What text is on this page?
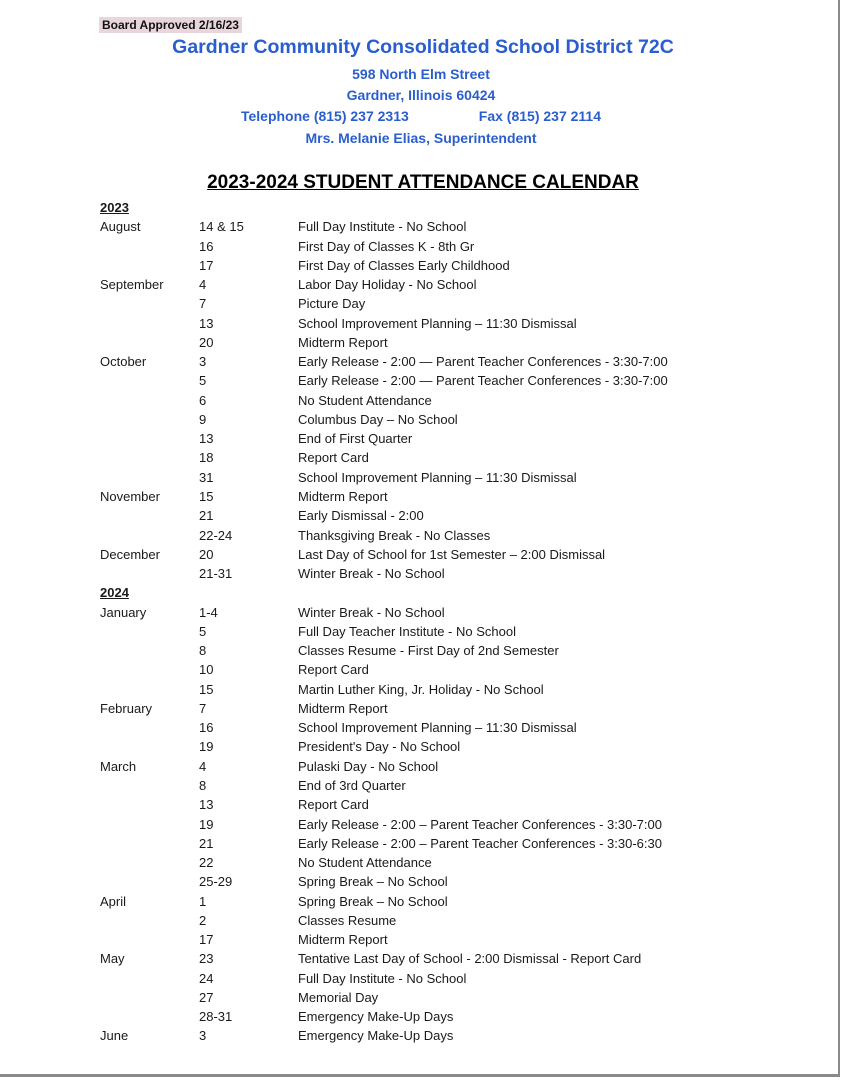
Board Approved 2/16/23
Gardner Community Consolidated School District 72C
598 North Elm Street
Gardner, Illinois 60424
Telephone (815) 237 2313	Fax (815) 237 2114
Mrs. Melanie Elias, Superintendent
2023-2024 STUDENT ATTENDANCE CALENDAR
2023
August	14 & 15	Full Day Institute - No School
16	First Day of Classes K - 8th Gr
17	First Day of Classes Early Childhood
September	4	Labor Day Holiday - No School
7	Picture Day
13	School Improvement Planning – 11:30 Dismissal
20	Midterm Report
October	3	Early Release - 2:00 — Parent Teacher Conferences - 3:30-7:00
5	Early Release - 2:00 — Parent Teacher Conferences - 3:30-7:00
6	No Student Attendance
9	Columbus Day – No School
13	End of First Quarter
18	Report Card
31	School Improvement Planning – 11:30 Dismissal
November	15	Midterm Report
21	Early Dismissal - 2:00
22-24	Thanksgiving Break - No Classes
December	20	Last Day of School for 1st Semester – 2:00 Dismissal
21-31	Winter Break - No School
2024
January	1-4	Winter Break - No School
5	Full Day Teacher Institute - No School
8	Classes Resume - First Day of 2nd Semester
10	Report Card
15	Martin Luther King, Jr. Holiday - No School
February	7	Midterm Report
16	School Improvement Planning – 11:30 Dismissal
19	President's Day - No School
March	4	Pulaski Day - No School
8	End of 3rd Quarter
13	Report Card
19	Early Release - 2:00 – Parent Teacher Conferences - 3:30-7:00
21	Early Release - 2:00 – Parent Teacher Conferences - 3:30-6:30
22	No Student Attendance
25-29	Spring Break – No School
April	1	Spring Break – No School
2	Classes Resume
17	Midterm Report
May	23	Tentative Last Day of School - 2:00 Dismissal - Report Card
24	Full Day Institute - No School
27	Memorial Day
28-31	Emergency Make-Up Days
June	3	Emergency Make-Up Days
